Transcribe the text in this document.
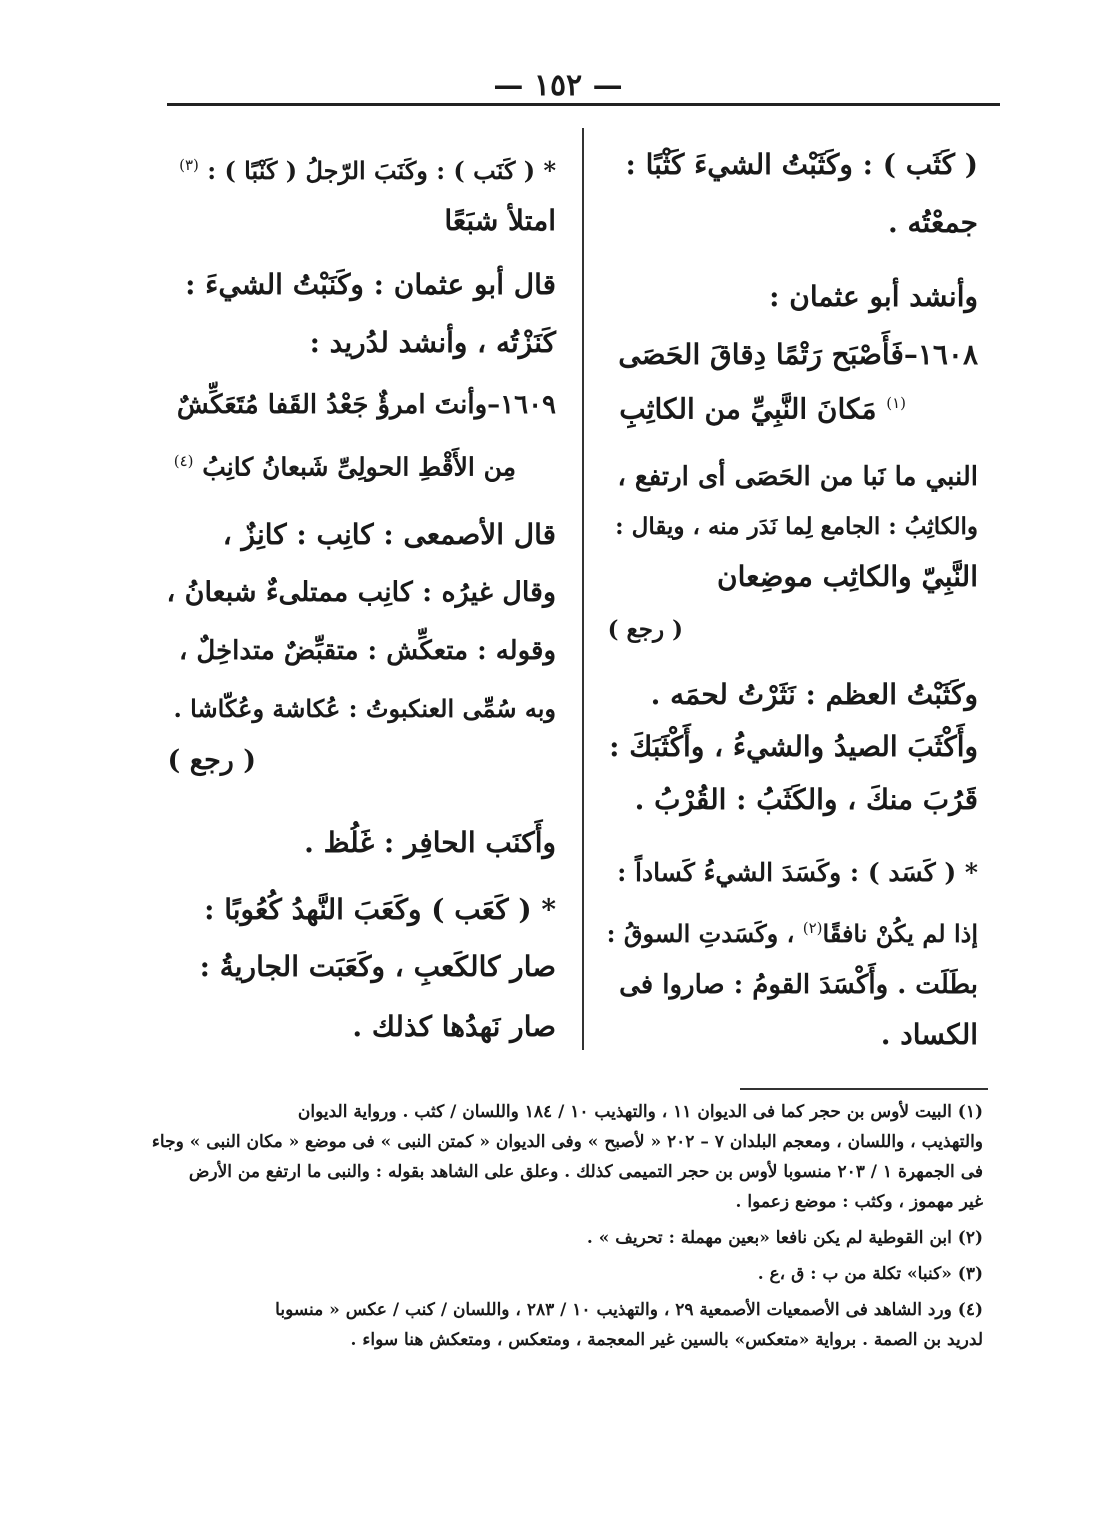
— ١٥٢ —
( كَثَب ) : وكَثَبْتُ الشيءَ كَثْبًا :
جمعْتُه .
وأنشد أبو عثمان :
١٦٠٨–فَأَصْبَح رَتْمًا دِقاقَ الحَصَى
$^{(١)}$ مَكانَ النَّبِيِّ من الكاثِبِ
النبي ما نَبا من الحَصَى أى ارتفع ،
والكاثِبُ : الجامع لِما نَدَر منه ، ويقال :
النَّبِيّ والكاثِب موضِعان
( رجع )
وكَثَبْتُ العظم : نَثَرْتُ لحمَه .
وأَكْثَبَ الصيدُ والشيءُ ، وأَكْثَبَكَ :
قَرُبَ منكَ ، والكَثَبُ : القُرْبُ .
* ( كَسَد ) : وكَسَدَ الشيءُ كَساداً :
إذا لم يكُنْ نافقًا$^{(٢)}$ ، وكَسَدتِ السوقُ :
بطَلَت . وأَكْسَدَ القومُ : صاروا فى
الكساد .
* ( كَنَب ) : وكَنَبَ الرّجلُ ( كَنْبًا ) : $^{(٣)}$
امتلأ شبَعًا
قال أبو عثمان : وكَنَبْتُ الشيءَ :
كَنَزْتُه ، وأنشد لدُريد :
١٦٠٩–وأنتَ امرؤٌ جَعْدُ القَفا مُتَعَكِّشٌ
مِن الأَقْطِ الحولِىِّ شَبعانُ كانِبُ $^{(٤)}$
قال الأصمعى : كانِب : كانِزٌ ،
وقال غيرُه : كانِب ممتلىءٌ شبعانُ ،
وقوله : متعكِّش : متقبِّضٌ متداخِلٌ ،
وبه سُمِّى العنكبوتُ : عُكاشة وعُكّاشا .
( رجع )
وأَكنَب الحافِر : غَلُظ .
* ( كَعَب ) وكَعَبَ النَّهدُ كُعُوبًا :
صار كالكَعبِ ، وكَعَبَت الجاريةُ :
صار نَهدُها كذلك .
(١) البيت لأوس بن حجر كما فى الديوان ١١ ، والتهذيب ١٠ / ١٨٤ واللسان / كثب . ورواية الديوان
والتهذيب ، واللسان ، ومعجم البلدان ٧ – ٢٠٢ « لأصبح » وفى الديوان « كمتن النبى » فى موضع « مكان النبى » وجاء
فى الجمهرة ١ / ٢٠٣ منسوبا لأوس بن حجر التميمى كذلك . وعلق على الشاهد بقوله : والنبى ما ارتفع من الأرض
غير مهموز ، وكثب : موضع زعموا .
(٢) ابن القوطية لم يكن نافعا «بعين مهملة : تحريف » .
(٣) «كنبا» تكلة من ب : ق ،ع .
(٤) ورد الشاهد فى الأصمعيات الأصمعية ٢٩ ، والتهذيب ١٠ / ٢٨٣ ، واللسان / كنب / عكس « منسوبا
لدريد بن الصمة . برواية «متعكس» بالسين غير المعجمة ، ومتعكس ، ومتعكش هنا سواء .
